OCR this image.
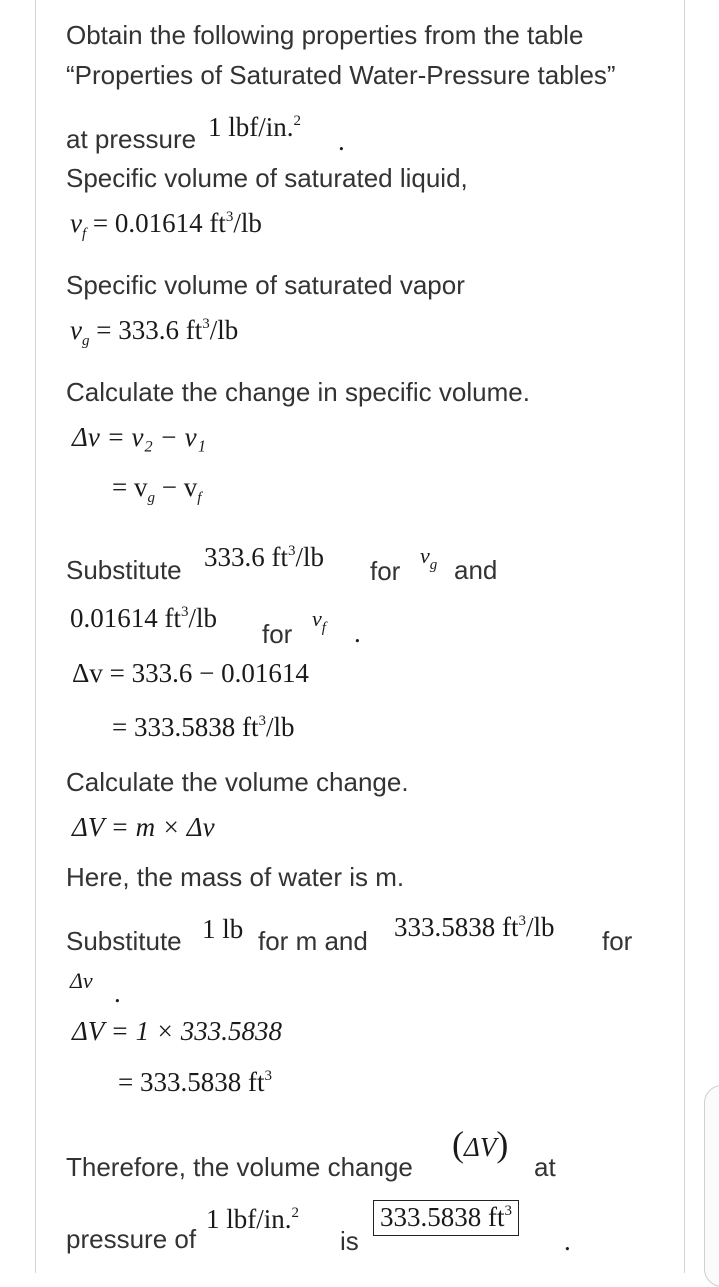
Obtain the following properties from the table
“Properties of Saturated Water-Pressure tables”
at pressure 1 lbf/in.$^2$
.
Specific volume of saturated liquid,
$v_f = 0.01614$ $ft^3/lb$
Specific volume of saturated vapor
$v_g = 333.6$ $ft^3/lb$
Calculate the change in specific volume.
Δv = v₂ − v₁
= $v_g - v_f$
Substitute 333.6 $ft^3/lb$ for
$v_g$ and
0.01614 $ft^3/lb$
for
$v_f$ .
Δv = 333.6 − 0.01614
= 333.5838 $ft^3/lb$
Calculate the volume change.
ΔV = m × Δv
Here, the mass of water is m.
Substitute 1 lb for m and 333.5838 $ft^3/lb$ for
Δv .
ΔV = 1 × 333.5838
= 333.5838 $ft^3$
Therefore, the volume change
(ΔV)
at
pressure of
1 lbf/in.$^2$
is
333.5838 $ft^3$
.
